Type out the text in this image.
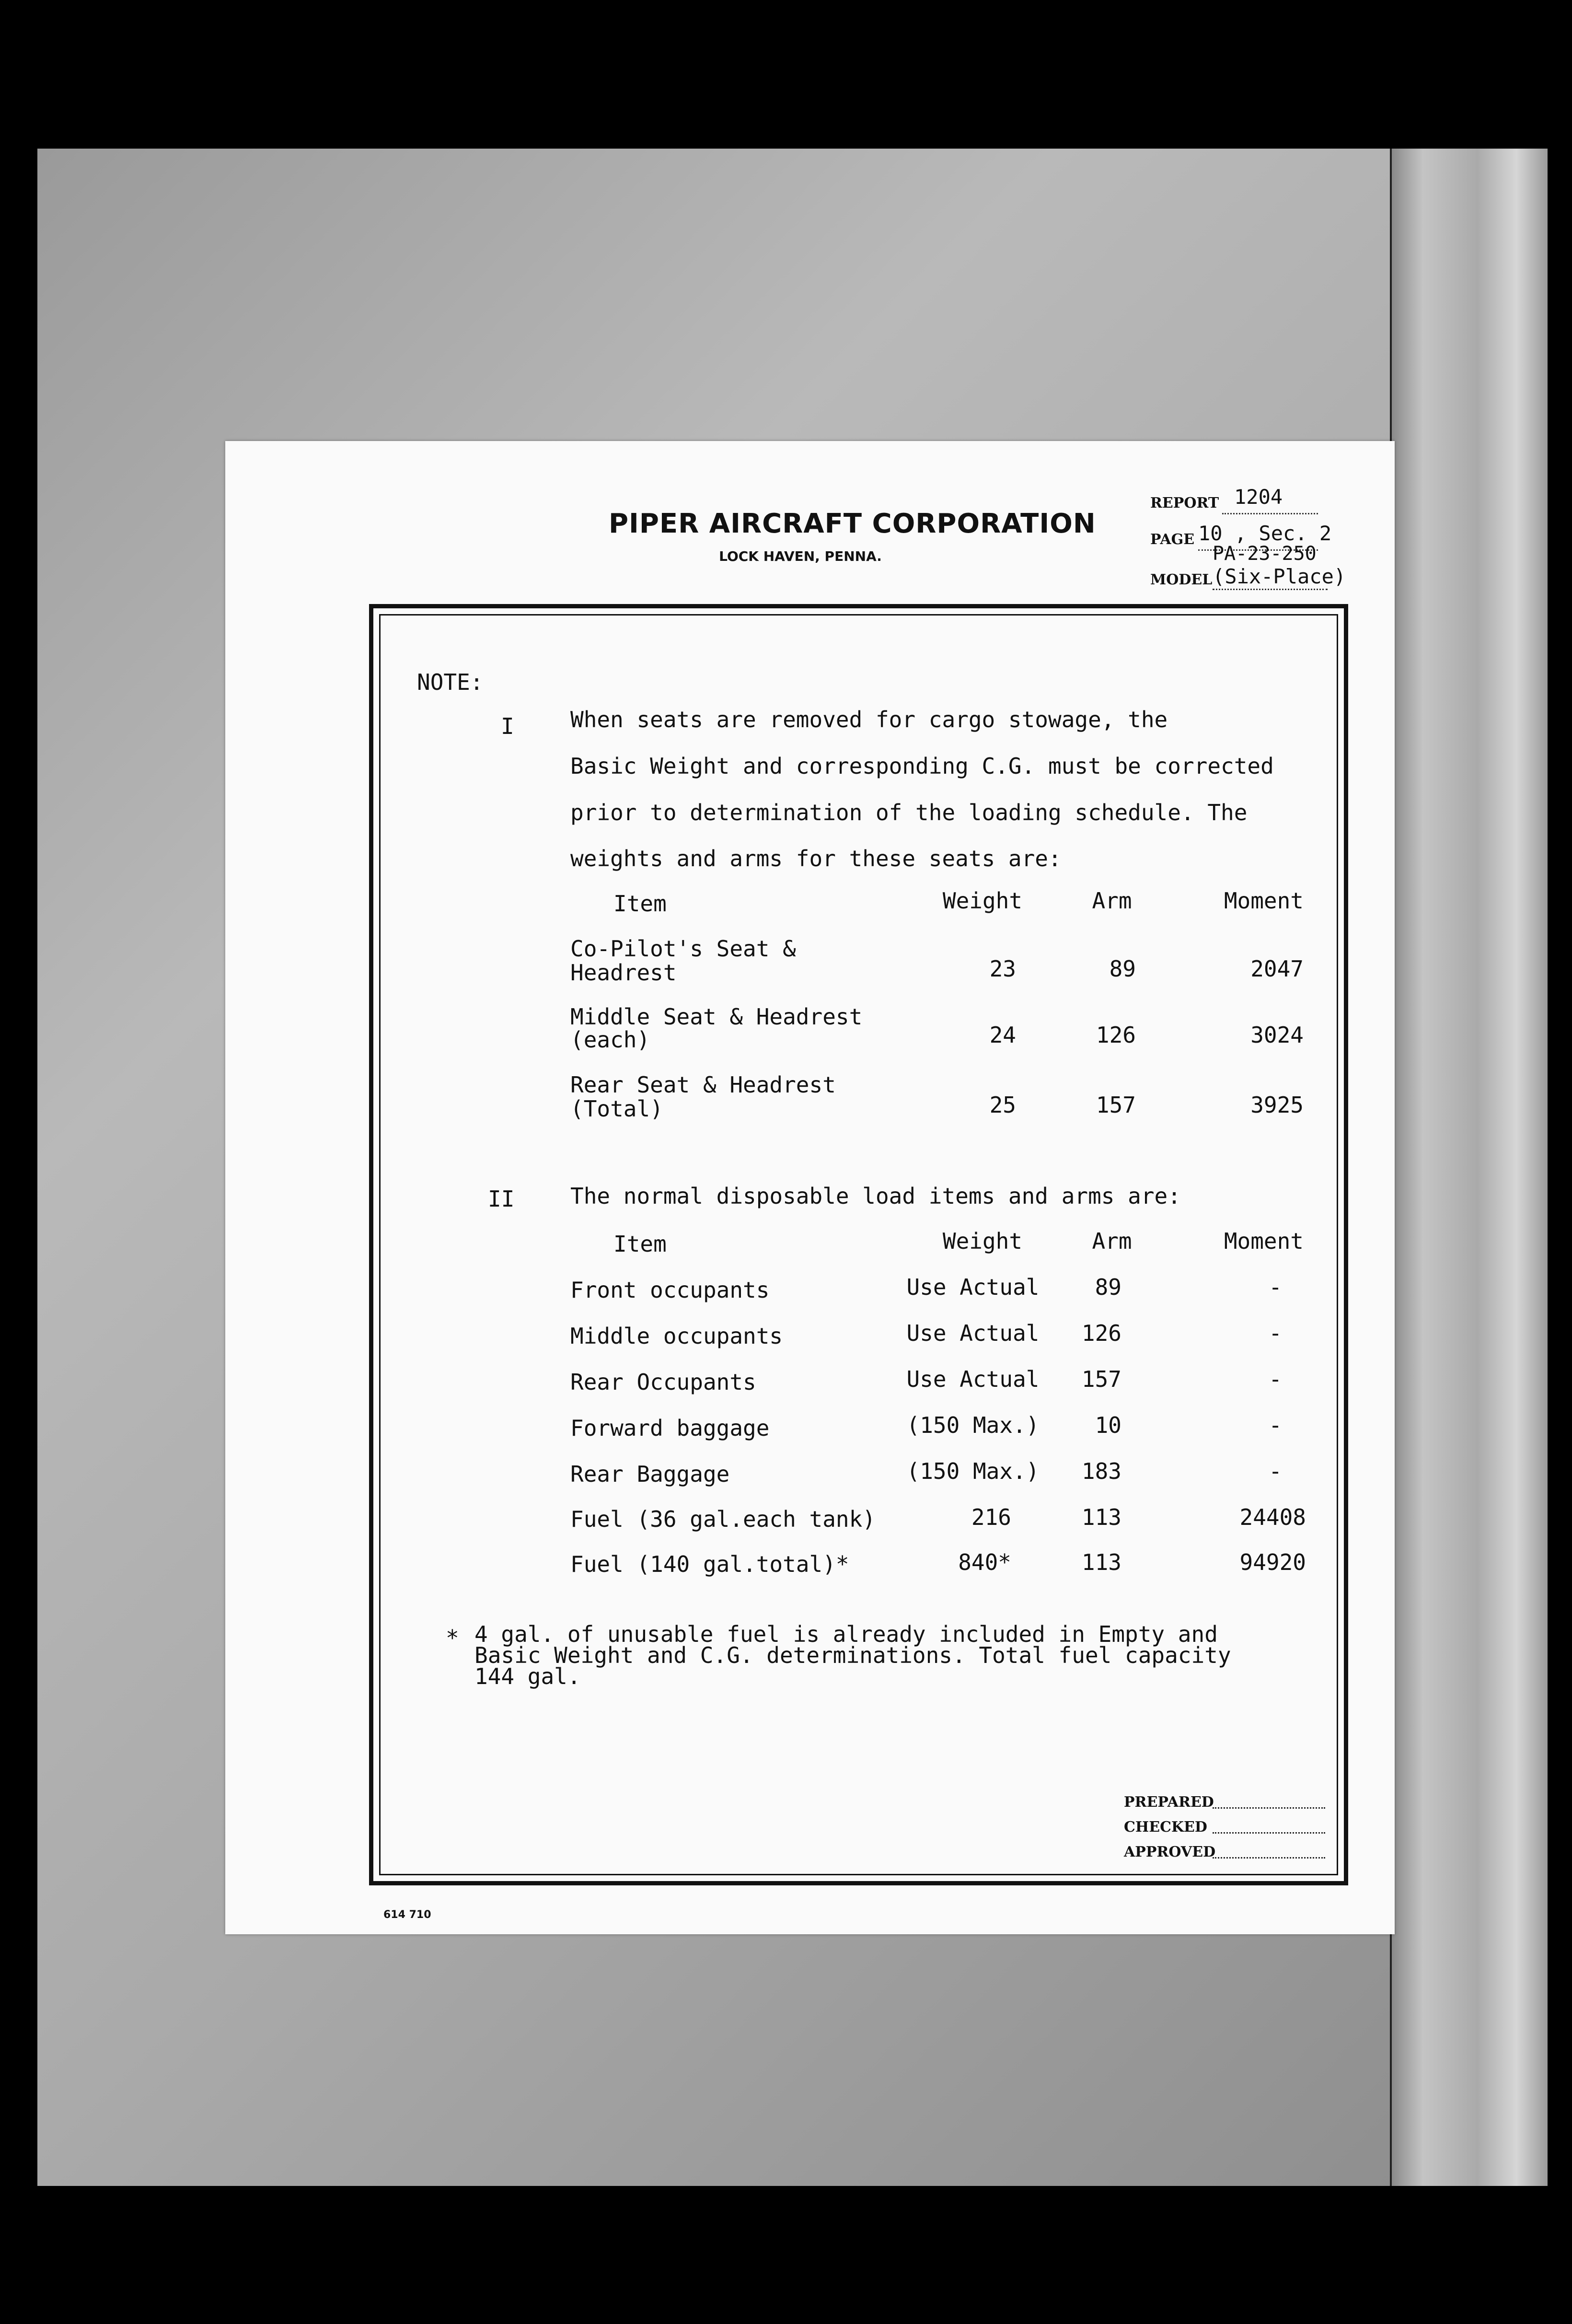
PIPER AIRCRAFT CORPORATION
LOCK HAVEN, PENNA.
REPORT 1204
PAGE 10 , Sec. 2
PA-23-250
MODEL (Six-Place)
NOTE:
I	When seats are removed for cargo stowage, the
Basic Weight and corresponding C.G. must be corrected
prior to determination of the loading schedule. The
weights and arms for these seats are:
Item	Weight	Arm	Moment
Co-Pilot's Seat &
Headrest	23	89	2047
Middle Seat & Headrest
(each)	24	126	3024
Rear Seat & Headrest
(Total)	25	157	3925
II	The normal disposable load items and arms are:
Item	Weight	Arm	Moment
Front occupants	Use Actual	89	-
Middle occupants	Use Actual	126	-
Rear Occupants	Use Actual	157	-
Forward baggage	(150 Max.)	10	-
Rear Baggage	(150 Max.)	183	-
Fuel (36 gal.each tank)	216	113	24408
Fuel (140 gal.total)*	840*	113	94920
* 4 gal. of unusable fuel is already included in Empty and
Basic Weight and C.G. determinations. Total fuel capacity
144 gal.
PREPARED
CHECKED
APPROVED
614 710
